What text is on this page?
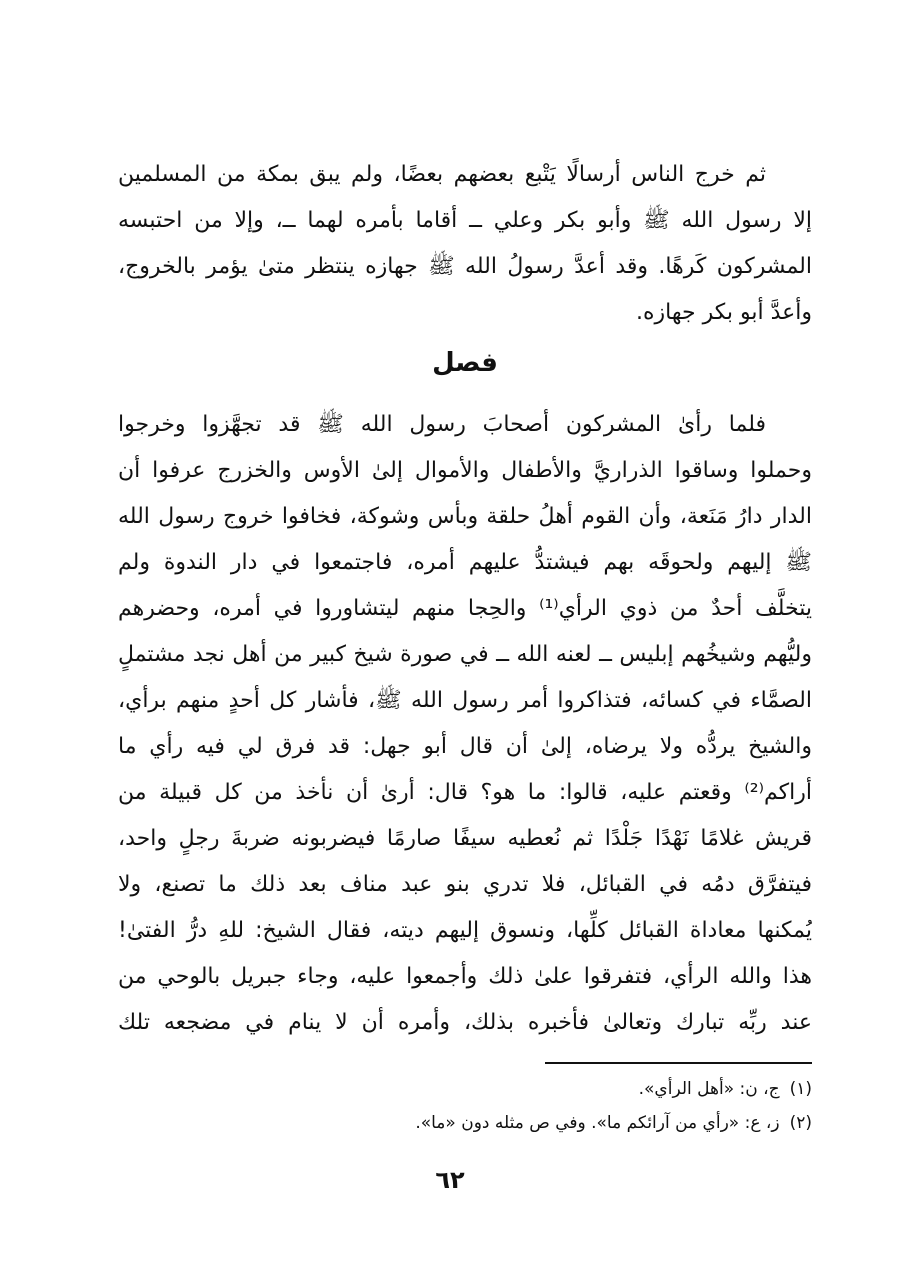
ثم خرج الناس أرسالًا يَتْبع بعضهم بعضًا، ولم يبق بمكة من المسلمين
إلا رسول الله ﷺ وأبو بكر وعلي ــ أقاما بأمره لهما ــ، وإلا من احتبسه
المشركون كَرهًا. وقد أعدَّ رسولُ الله ﷺ جهازه ينتظر متىٰ يؤمر بالخروج،
وأعدَّ أبو بكر جهازه.
فصل
فلما رأىٰ المشركون أصحابَ رسول الله ﷺ قد تجهَّزوا وخرجوا
وحملوا وساقوا الذراريَّ والأطفال والأموال إلىٰ الأوس والخزرج عرفوا أن
الدار دارُ مَنَعة، وأن القوم أهلُ حلقة وبأس وشوكة، فخافوا خروج رسول الله
ﷺ إليهم ولحوقَه بهم فيشتدُّ عليهم أمره، فاجتمعوا في دار الندوة ولم
يتخلَّف أحدٌ من ذوي الرأي⁽¹⁾ والحِجا منهم ليتشاوروا في أمره، وحضرهم
وليُّهم وشيخُهم إبليس ــ لعنه الله ــ في صورة شيخ كبير من أهل نجد مشتملٍ
الصمَّاء في كسائه، فتذاكروا أمر رسول الله ﷺ، فأشار كل أحدٍ منهم برأي،
والشيخ يردُّه ولا يرضاه، إلىٰ أن قال أبو جهل: قد فرق لي فيه رأي ما
أراكم⁽²⁾ وقعتم عليه، قالوا: ما هو؟ قال: أرىٰ أن نأخذ من كل قبيلة من
قريش غلامًا نَهْدًا جَلْدًا ثم نُعطيه سيفًا صارمًا فيضربونه ضربةَ رجلٍ واحد،
فيتفرَّق دمُه في القبائل، فلا تدري بنو عبد مناف بعد ذلك ما تصنع، ولا
يُمكنها معاداة القبائل كلِّها، ونسوق إليهم ديته، فقال الشيخ: للهِ درُّ الفتىٰ!
هذا والله الرأي، فتفرقوا علىٰ ذلك وأجمعوا عليه، وجاء جبريل بالوحي من
عند ربِّه تبارك وتعالىٰ فأخبره بذلك، وأمره أن لا ينام في مضجعه تلك
(١)ج، ن: «أهل الرأي».
(٢)ز، ع: «رأي من آرائكم ما». وفي ص مثله دون «ما».
٦٢
